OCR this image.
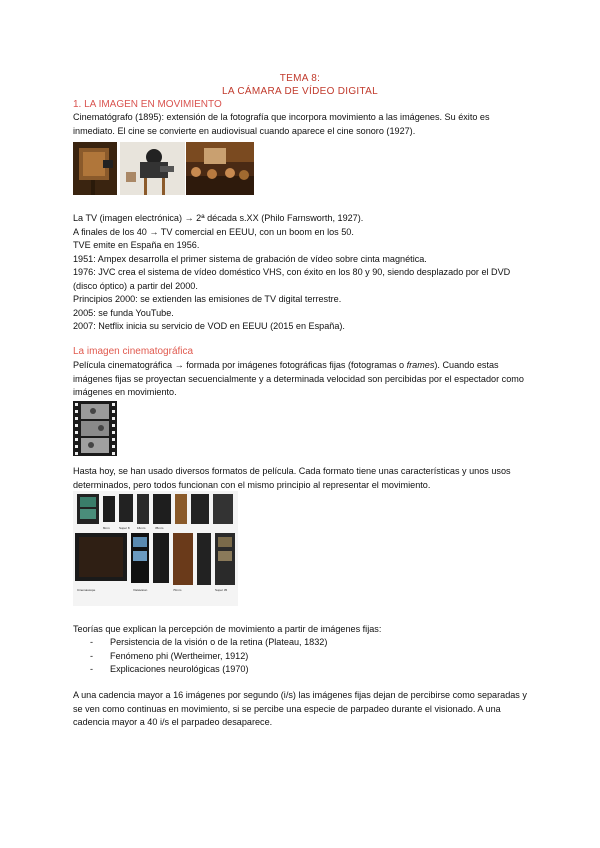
TEMA 8:
LA CÁMARA DE VÍDEO DIGITAL
1. LA IMAGEN EN MOVIMIENTO
Cinematógrafo (1895): extensión de la fotografía que incorpora movimiento a las imágenes. Su éxito es inmediato. El cine se convierte en audiovisual cuando aparece el cine sonoro (1927).
La TV (imagen electrónica) → 2ª década s.XX (Philo Farnsworth, 1927).
A finales de los 40 → TV comercial en EEUU, con un boom en los 50.
TVE emite en España en 1956.
1951: Ampex desarrolla el primer sistema de grabación de vídeo sobre cinta magnética.
1976: JVC crea el sistema de vídeo doméstico VHS, con éxito en los 80 y 90, siendo desplazado por el DVD (disco óptico) a partir del 2000.
Principios 2000: se extienden las emisiones de TV digital terrestre.
2005: se funda YouTube.
2007: Netflix inicia su servicio de VOD en EEUU (2015 en España).
La imagen cinematográfica
Película cinematográfica → formada por imágenes fotográficas fijas (fotogramas o frames). Cuando estas imágenes fijas se proyectan secuencialmente y a determinada velocidad son percibidas por el espectador como imágenes en movimiento.
Hasta hoy, se han usado diversos formatos de película. Cada formato tiene unas características y unos usos determinados, pero todos funcionan con el mismo principio al representar el movimiento.
8mm	Super 8 16mm	35mm
70mm
Cinemascope	Vistavision	Super 35
Teorías que explican la percepción de movimiento a partir de imágenes fijas:
- Persistencia de la visión o de la retina (Plateau, 1832)
- Fenómeno phi (Wertheimer, 1912)
- Explicaciones neurológicas (1970)
A una cadencia mayor a 16 imágenes por segundo (i/s) las imágenes fijas dejan de percibirse como separadas y se ven como continuas en movimiento, si se percibe una especie de parpadeo durante el visionado. A una cadencia mayor a 40 i/s el parpadeo desaparece.
